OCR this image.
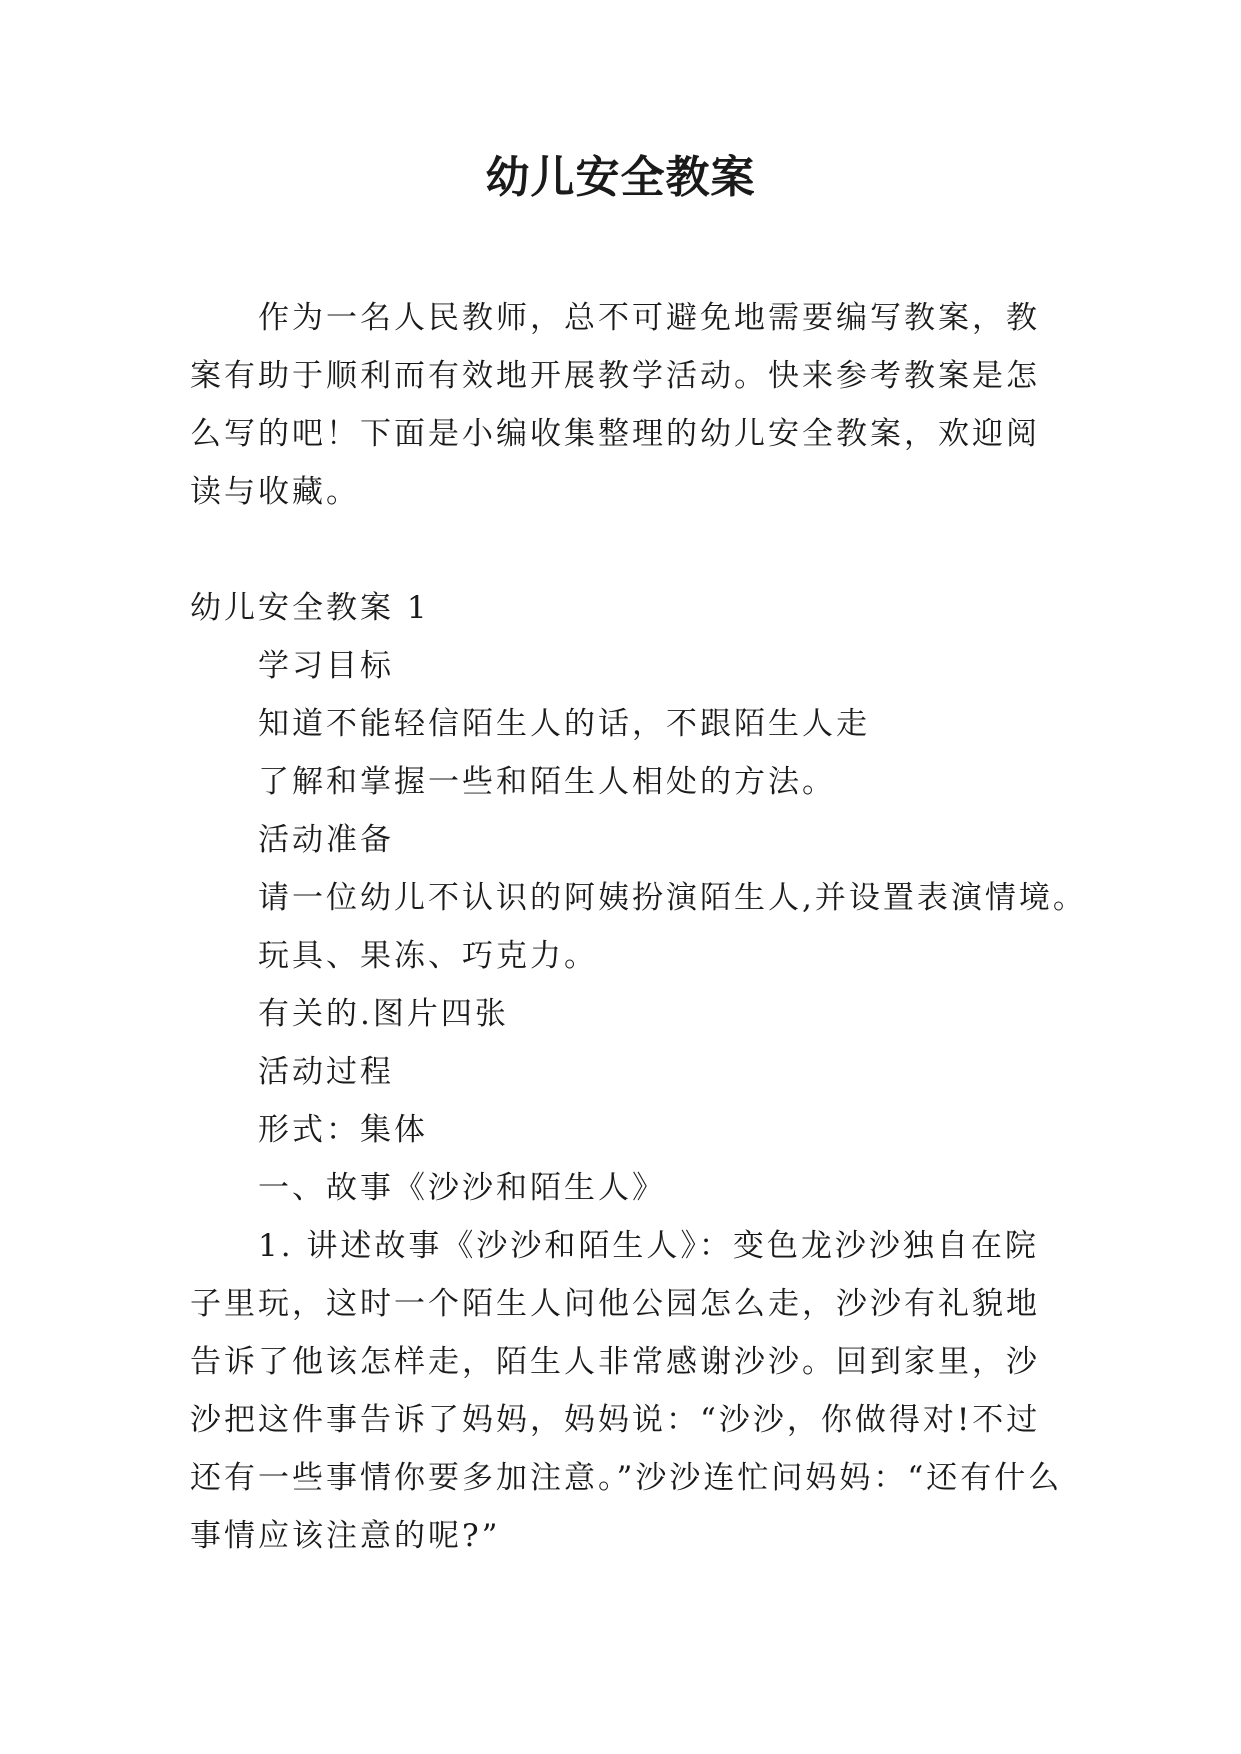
幼儿安全教案

作为一名人民教师，总不可避免地需要编写教案，教案有助于顺利而有效地开展教学活动。快来参考教案是怎么写的吧！下面是小编收集整理的幼儿安全教案，欢迎阅读与收藏。

幼儿安全教案 1

学习目标

知道不能轻信陌生人的话，不跟陌生人走

了解和掌握一些和陌生人相处的方法。

活动准备

请一位幼儿不认识的阿姨扮演陌生人,并设置表演情境。

玩具、果冻、巧克力。

有关的.图片四张

活动过程

形式：集体

一、故事《沙沙和陌生人》

1. 讲述故事《沙沙和陌生人》：变色龙沙沙独自在院子里玩，这时一个陌生人问他公园怎么走，沙沙有礼貌地告诉了他该怎样走，陌生人非常感谢沙沙。回到家里，沙沙把这件事告诉了妈妈，妈妈说：“沙沙，你做得对!不过还有一些事情你要多加注意。”沙沙连忙问妈妈：“还有什么事情应该注意的呢?”
